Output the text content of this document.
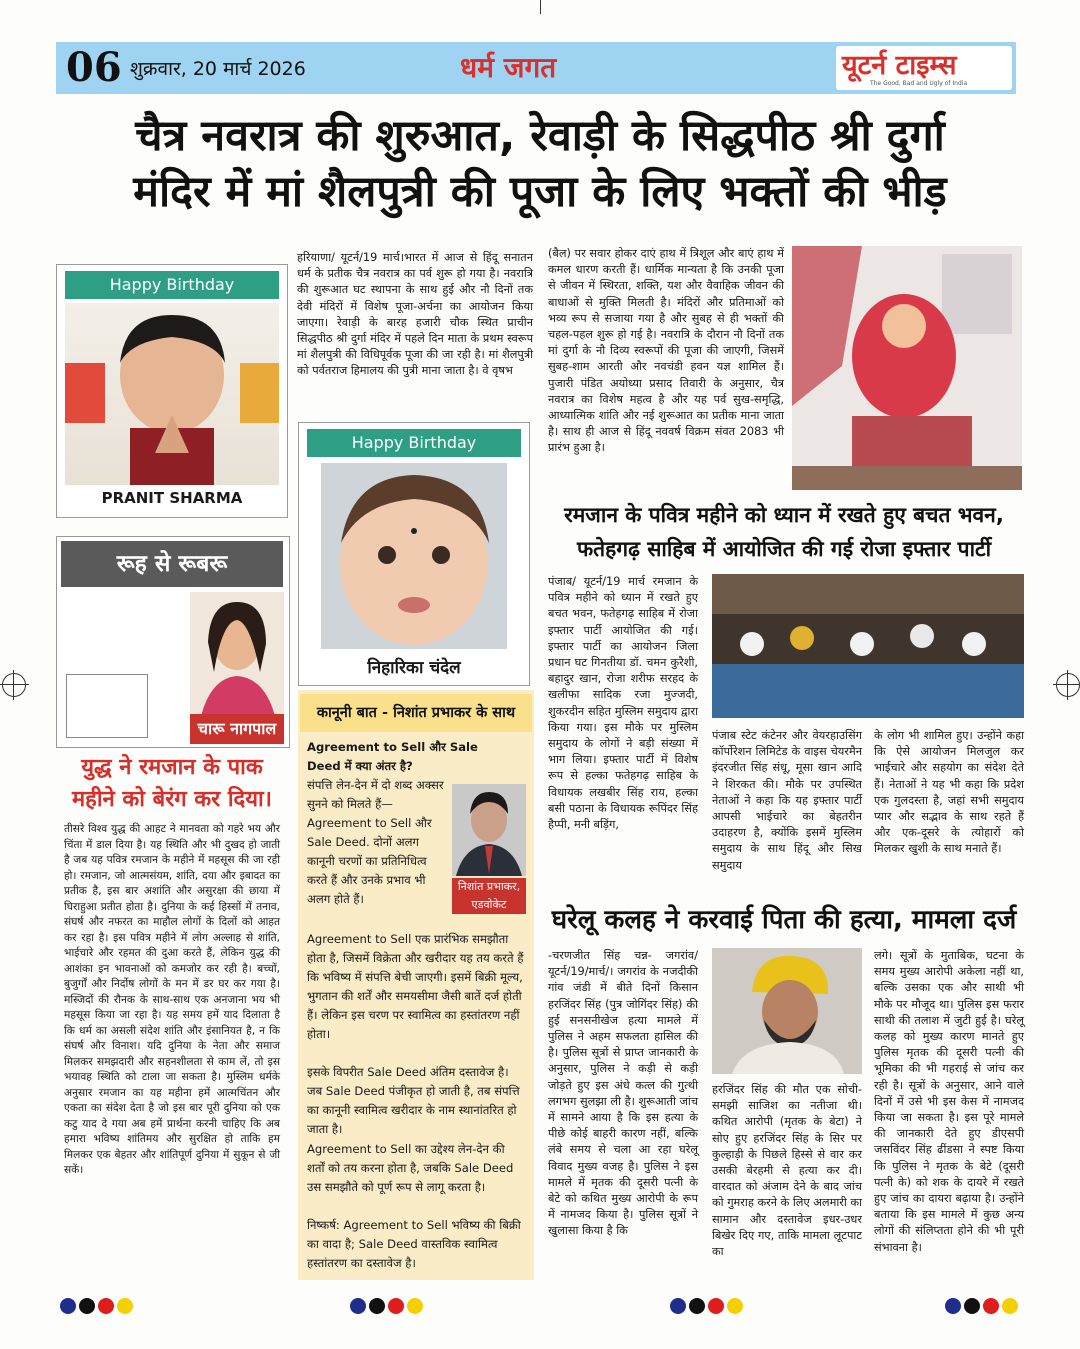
06 शुक्रवार, 20 मार्च 2026	धर्म जगत	यूटर्न टाइम्स
The Good, Bad and Ugly of India
चैत्र नवरात्र की शुरुआत, रेवाड़ी के सिद्धपीठ श्री दुर्गा
मंदिर में मां शैलपुत्री की पूजा के लिए भक्तों की भीड़
Happy Birthday
PRANIT SHARMA
Happy Birthday
निहारिका चंदेल

हरियाणा/ यूटर्न/19 मार्च।भारत में आज से हिंदू सनातन धर्म के प्रतीक चैत्र नवरात्र का पर्व शुरू हो गया है। नवरात्रि की शुरूआत घट स्थापना के साथ हुई और नौ दिनों तक देवी मंदिरों में विशेष पूजा-अर्चना का आयोजन किया जाएगा। रेवाड़ी के बारह हजारी चौक स्थित प्राचीन सिद्धपीठ श्री दुर्गा मंदिर में पहले दिन माता के प्रथम स्वरूप मां शैलपुत्री की विधिपूर्वक पूजा की जा रही है। मां शैलपुत्री को पर्वतराज हिमालय की पुत्री माना जाता है। वे वृषभ

(बैल) पर सवार होकर दाएं हाथ में त्रिशूल और बाएं हाथ में कमल धारण करती हैं। धार्मिक मान्यता है कि उनकी पूजा से जीवन में स्थिरता, शक्ति, यश और वैवाहिक जीवन की बाधाओं से मुक्ति मिलती है। मंदिरों और प्रतिमाओं को भव्य रूप से सजाया गया है और सुबह से ही भक्तों की चहल-पहल शुरू हो गई है। नवरात्रि के दौरान नौ दिनों तक मां दुर्गा के नौ दिव्य स्वरूपों की पूजा की जाएगी, जिसमें सुबह-शाम आरती और नवचंडी हवन यज्ञ शामिल हैं। पुजारी पंडित अयोध्या प्रसाद तिवारी के अनुसार, चैत्र नवरात्र का विशेष महत्व है और यह पर्व सुख-समृद्धि, आध्यात्मिक शांति और नई शुरूआत का प्रतीक माना जाता है। साथ ही आज से हिंदू नववर्ष विक्रम संवत 2083 भी प्रारंभ हुआ है।

रूह से रूबरू
चारू नागपाल
युद्ध ने रमजान के पाक
महीने को बेरंग कर दिया।

तीसरे विश्व युद्ध की आहट ने मानवता को गहरे भय और चिंता में डाल दिया है। यह स्थिति और भी दुखद हो जाती है जब यह पवित्र रमजान के महीने में महसूस की जा रही हो। रमजान, जो आत्मसंयम, शांति, दया और इबादत का प्रतीक है, इस बार अशांति और असुरक्षा की छाया में घिराहुआ प्रतीत होता है। दुनिया के कई हिस्सों में तनाव, संघर्ष और नफरत का माहौल लोगों के दिलों को आहत कर रहा है। इस पवित्र महीने में लोग अल्लाह से शांति, भाईचारे और रहमत की दुआ करते हैं, लेकिन युद्ध की आशंका इन भावनाओं को कमजोर कर रही है। बच्चों, बुजुर्गों और निर्दोष लोगों के मन में डर घर कर गया है। मस्जिदों की रौनक के साथ-साथ एक अनजाना भय भी महसूस किया जा रहा है। यह समय हमें याद दिलाता है कि धर्म का असली संदेश शांति और इंसानियत है, न कि संघर्ष और विनाश। यदि दुनिया के नेता और समाज मिलकर समझदारी और सहनशीलता से काम लें, तो इस भयावह स्थिति को टाला जा सकता है। मुस्लिम धर्मके अनुसार रमजान का यह महीना हमें आत्मचिंतन और एकता का संदेश देता है जो इस बार पूरी दुनिया को एक कटु याद दे गया अब हमें प्रार्थना करनी चाहिए कि अब हमारा भविष्य शांतिमय और सुरक्षित हो ताकि हम मिलकर एक बेहतर और शांतिपूर्ण दुनिया में सुकून से जी सकें।

कानूनी बात - निशांत प्रभाकर के साथ
निशांत प्रभाकर,
एडवोकेट

Agreement to Sell और Sale Deed में क्या अंतर है?

संपत्ति लेन-देन में दो शब्द अक्सर सुनने को मिलते हैं—Agreement to Sell और Sale Deed. दोनों अलग कानूनी चरणों का प्रतिनिधित्व करते हैं और उनके प्रभाव भी अलग होते हैं।

Agreement to Sell एक प्रारंभिक समझौता होता है, जिसमें विक्रेता और खरीदार यह तय करते हैं कि भविष्य में संपत्ति बेची जाएगी। इसमें बिक्री मूल्य, भुगतान की शर्तें और समयसीमा जैसी बातें दर्ज होती हैं। लेकिन इस चरण पर स्वामित्व का हस्तांतरण नहीं होता।

इसके विपरीत Sale Deed अंतिम दस्तावेज है। जब Sale Deed पंजीकृत हो जाती है, तब संपत्ति का कानूनी स्वामित्व खरीदार के नाम स्थानांतरित हो जाता है।

Agreement to Sell का उद्देश्य लेन-देन की शर्तों को तय करना होता है, जबकि Sale Deed उस समझौते को पूर्ण रूप से लागू करता है।

निष्कर्ष: Agreement to Sell भविष्य की बिक्री का वादा है; Sale Deed वास्तविक स्वामित्व हस्तांतरण का दस्तावेज है।

रमजान के पवित्र महीने को ध्यान में रखते हुए बचत भवन,
फतेहगढ़ साहिब में आयोजित की गई रोजा इफ्तार पार्टी

पंजाब/ यूटर्न/19 मार्च रमजान के पवित्र महीने को ध्यान में रखते हुए बचत भवन, फतेहगढ़ साहिब में रोजा इफ्तार पार्टी आयोजित की गई। इफ्तार पार्टी का आयोजन जिला प्रधान घट गिनतीया डॉ. चमन कुरैशी, बहादुर खान, रोजा शरीफ सरहद के खलीफा सादिक रजा मुज्जदी, शुकरदीन सहित मुस्लिम समुदाय द्वारा किया गया। इस मौके पर मुस्लिम समुदाय के लोगों ने बड़ी संख्या में भाग लिया। इफ्तार पार्टी में विशेष रूप से हल्का फतेहगढ़ साहिब के विधायक लखबीर सिंह राय, हल्का बसी पठाना के विधायक रूपिंदर सिंह हैप्पी, मनी बड़िंग,

पंजाब स्टेट कंटेनर और वेयरहाउसिंग कॉर्पोरेशन लिमिटेड के वाइस चेयरमैन इंदरजीत सिंह संधू, मूसा खान आदि ने शिरकत की। मौके पर उपस्थित नेताओं ने कहा कि यह इफ्तार पार्टी आपसी भाईचारे का बेहतरीन उदाहरण है, क्योंकि इसमें मुस्लिम समुदाय के साथ हिंदू और सिख समुदाय

के लोग भी शामिल हुए। उन्होंने कहा कि ऐसे आयोजन मिलजुल कर भाईचारे और सहयोग का संदेश देते हैं। नेताओं ने यह भी कहा कि प्रदेश एक गुलदस्ता है, जहां सभी समुदाय प्यार और सद्भाव के साथ रहते हैं और एक-दूसरे के त्योहारों को मिलकर खुशी के साथ मनाते हैं।

घरेलू कलह ने करवाई पिता की हत्या, मामला दर्ज

-चरणजीत सिंह चन्न- जगरांव/यूटर्न/19/मार्च/। जगरांव के नजदीकी गांव जंडी में बीते दिनों किसान हरजिंदर सिंह (पुत्र जोगिंदर सिंह) की हुई सनसनीखेज हत्या मामले में पुलिस ने अहम सफलता हासिल की है। पुलिस सूत्रों से प्राप्त जानकारी के अनुसार, पुलिस ने कड़ी से कड़ी जोड़ते हुए इस अंधे कत्ल की गुत्थी लगभग सुलझा ली है। शुरूआती जांच में सामने आया है कि इस हत्या के पीछे कोई बाहरी कारण नहीं, बल्कि लंबे समय से चला आ रहा घरेलू विवाद मुख्य वजह है। पुलिस ने इस मामले में मृतक की दूसरी पत्नी के बेटे को कथित मुख्य आरोपी के रूप में नामजद किया है। पुलिस सूत्रों ने खुलासा किया है कि

हरजिंदर सिंह की मौत एक सोची-समझी साजिश का नतीजा थी। कथित आरोपी (मृतक के बेटा) ने सोए हुए हरजिंदर सिंह के सिर पर कुल्हाड़ी के पिछले हिस्से से वार कर उसकी बेरहमी से हत्या कर दी। वारदात को अंजाम देने के बाद जांच को गुमराह करने के लिए अलमारी का सामान और दस्तावेज इधर-उधर बिखेर दिए गए, ताकि मामला लूटपाट का

लगे। सूत्रों के मुताबिक, घटना के समय मुख्य आरोपी अकेला नहीं था, बल्कि उसका एक और साथी भी मौके पर मौजूद था। पुलिस इस फरार साथी की तलाश में जुटी हुई है। घरेलू कलह को मुख्य कारण मानते हुए पुलिस मृतक की दूसरी पत्नी की भूमिका की भी गहराई से जांच कर रही है। सूत्रों के अनुसार, आने वाले दिनों में उसे भी इस केस में नामजद किया जा सकता है। इस पूरे मामले की जानकारी देते हुए डीएसपी जसविंदर सिंह ढींडसा ने स्पष्ट किया कि पुलिस ने मृतक के बेटे (दूसरी पत्नी के) को शक के दायरे में रखते हुए जांच का दायरा बढ़ाया है। उन्होंने बताया कि इस मामले में कुछ अन्य लोगों की संलिप्तता होने की भी पूरी संभावना है।
